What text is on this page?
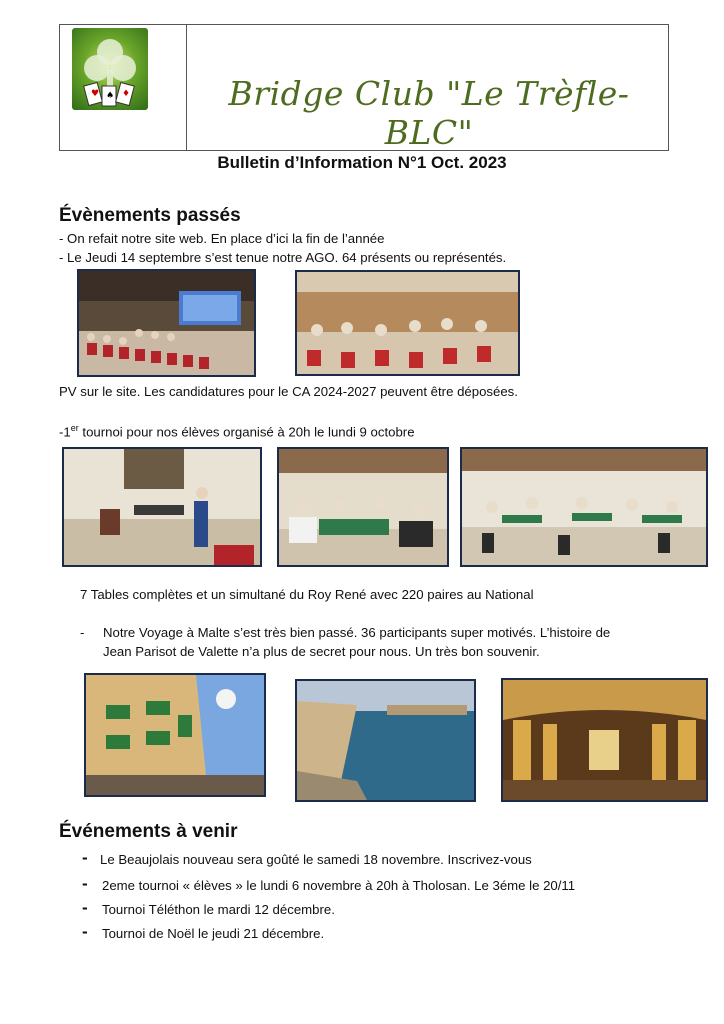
♥ ♠ ♦	Bridge Club "Le Trèfle-BLC"
Bulletin d’Information N°1 Oct. 2023
Évènements passés
- On refait notre site web. En place d’ici la fin de l’année
- Le Jeudi 14 septembre s’est tenue notre AGO. 64 présents ou représentés.
PV sur le site. Les candidatures pour le CA 2024-2027 peuvent être déposées.
-1er tournoi pour nos élèves organisé à 20h le lundi 9 octobre
7 Tables complètes et un simultané du Roy René avec 220 paires au National
- Notre Voyage à Malte s’est très bien passé. 36 participants super motivés. L’histoire de
Jean Parisot de Valette n’a plus de secret pour nous. Un très bon souvenir.
Événements à venir
- Le Beaujolais nouveau sera goûté le samedi 18 novembre. Inscrivez-vous
- 2eme tournoi « élèves » le lundi 6 novembre à 20h à Tholosan. Le 3éme le 20/11
- Tournoi Téléthon le mardi 12 décembre.
- Tournoi de Noël le jeudi 21 décembre.
